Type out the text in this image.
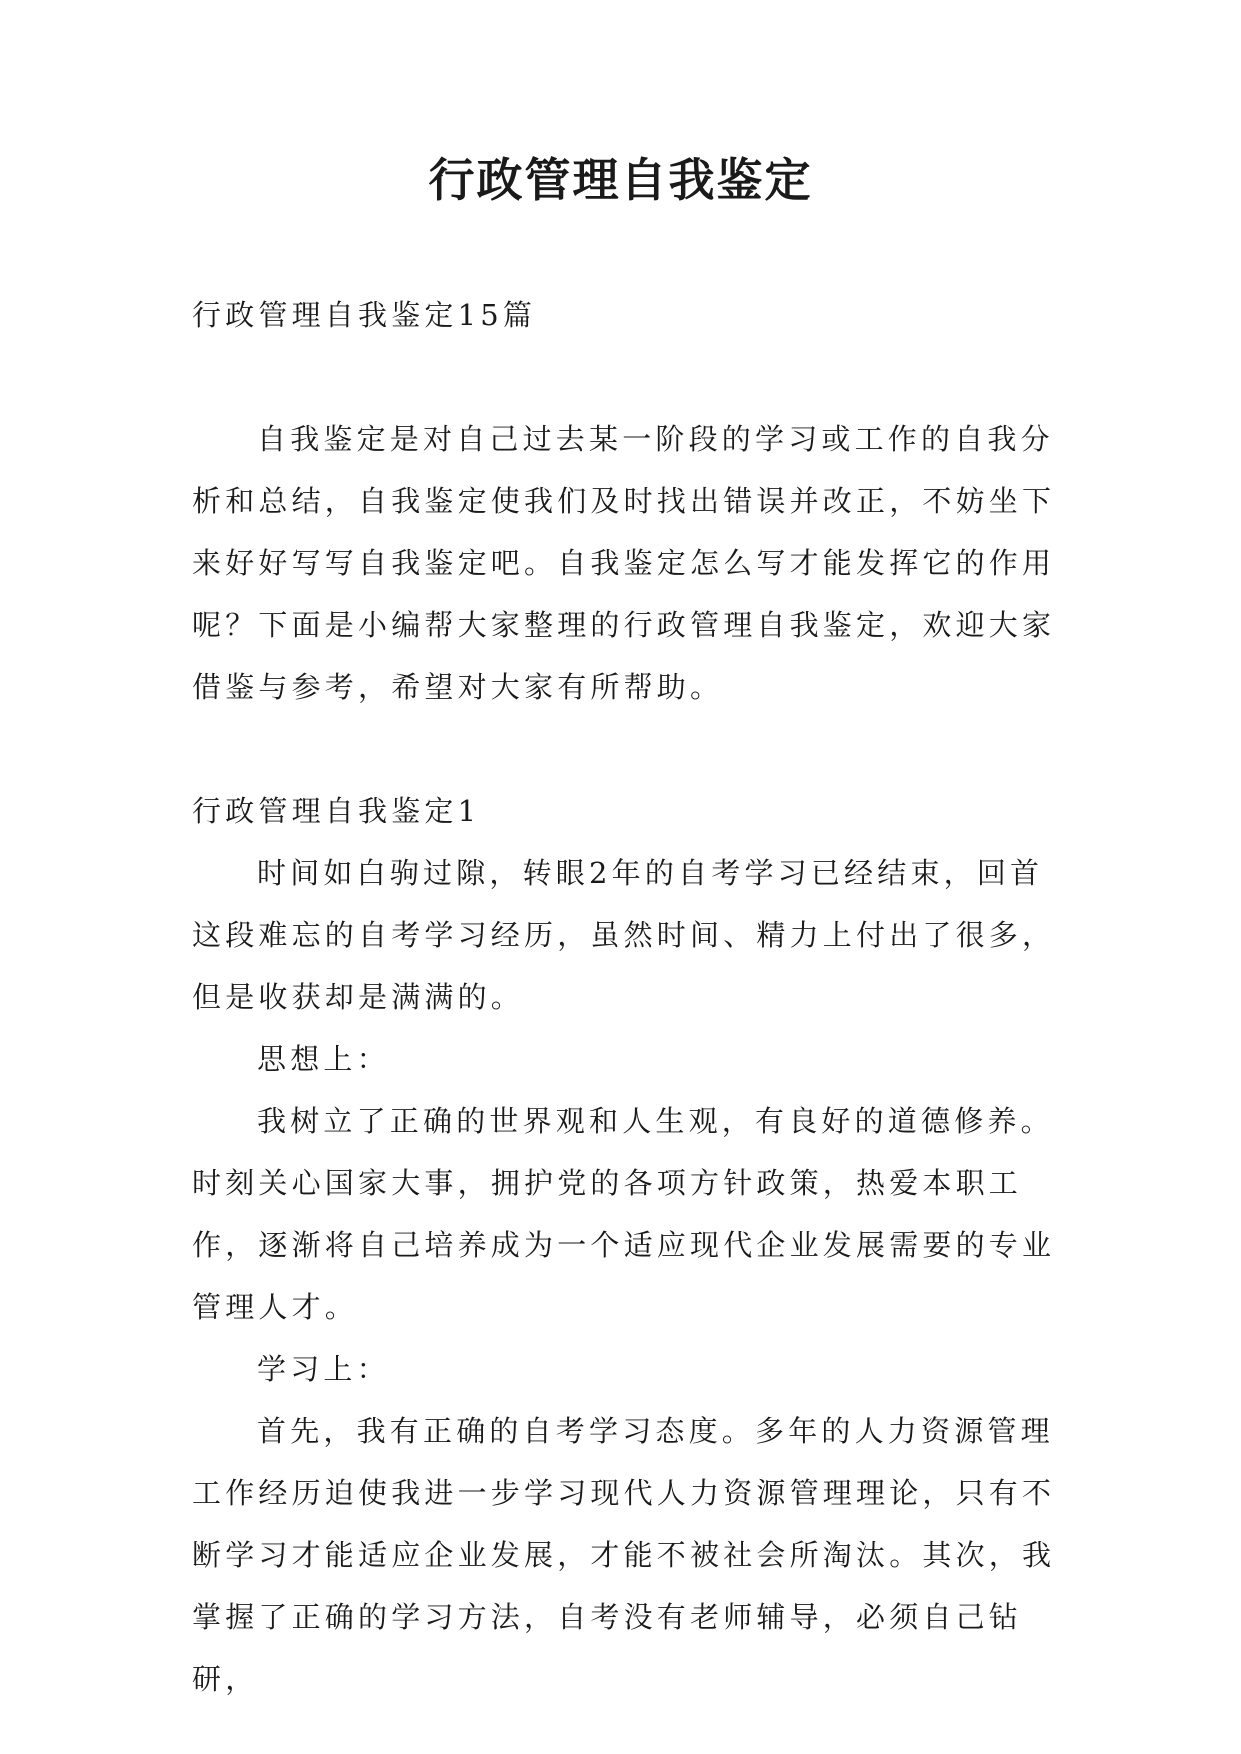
行政管理自我鉴定

行政管理自我鉴定15篇

自我鉴定是对自己过去某一阶段的学习或工作的自我分析和总结，自我鉴定使我们及时找出错误并改正，不妨坐下来好好写写自我鉴定吧。自我鉴定怎么写才能发挥它的作用呢？下面是小编帮大家整理的行政管理自我鉴定，欢迎大家借鉴与参考，希望对大家有所帮助。

行政管理自我鉴定1

时间如白驹过隙，转眼2年的自考学习已经结束，回首这段难忘的自考学习经历，虽然时间、精力上付出了很多，但是收获却是满满的。

思想上：

我树立了正确的世界观和人生观，有良好的道德修养。时刻关心国家大事，拥护党的各项方针政策，热爱本职工作，逐渐将自己培养成为一个适应现代企业发展需要的专业管理人才。

学习上：

首先，我有正确的自考学习态度。多年的人力资源管理工作经历迫使我进一步学习现代人力资源管理理论，只有不断学习才能适应企业发展，才能不被社会所淘汰。其次，我掌握了正确的学习方法，自考没有老师辅导，必须自己钻研，
